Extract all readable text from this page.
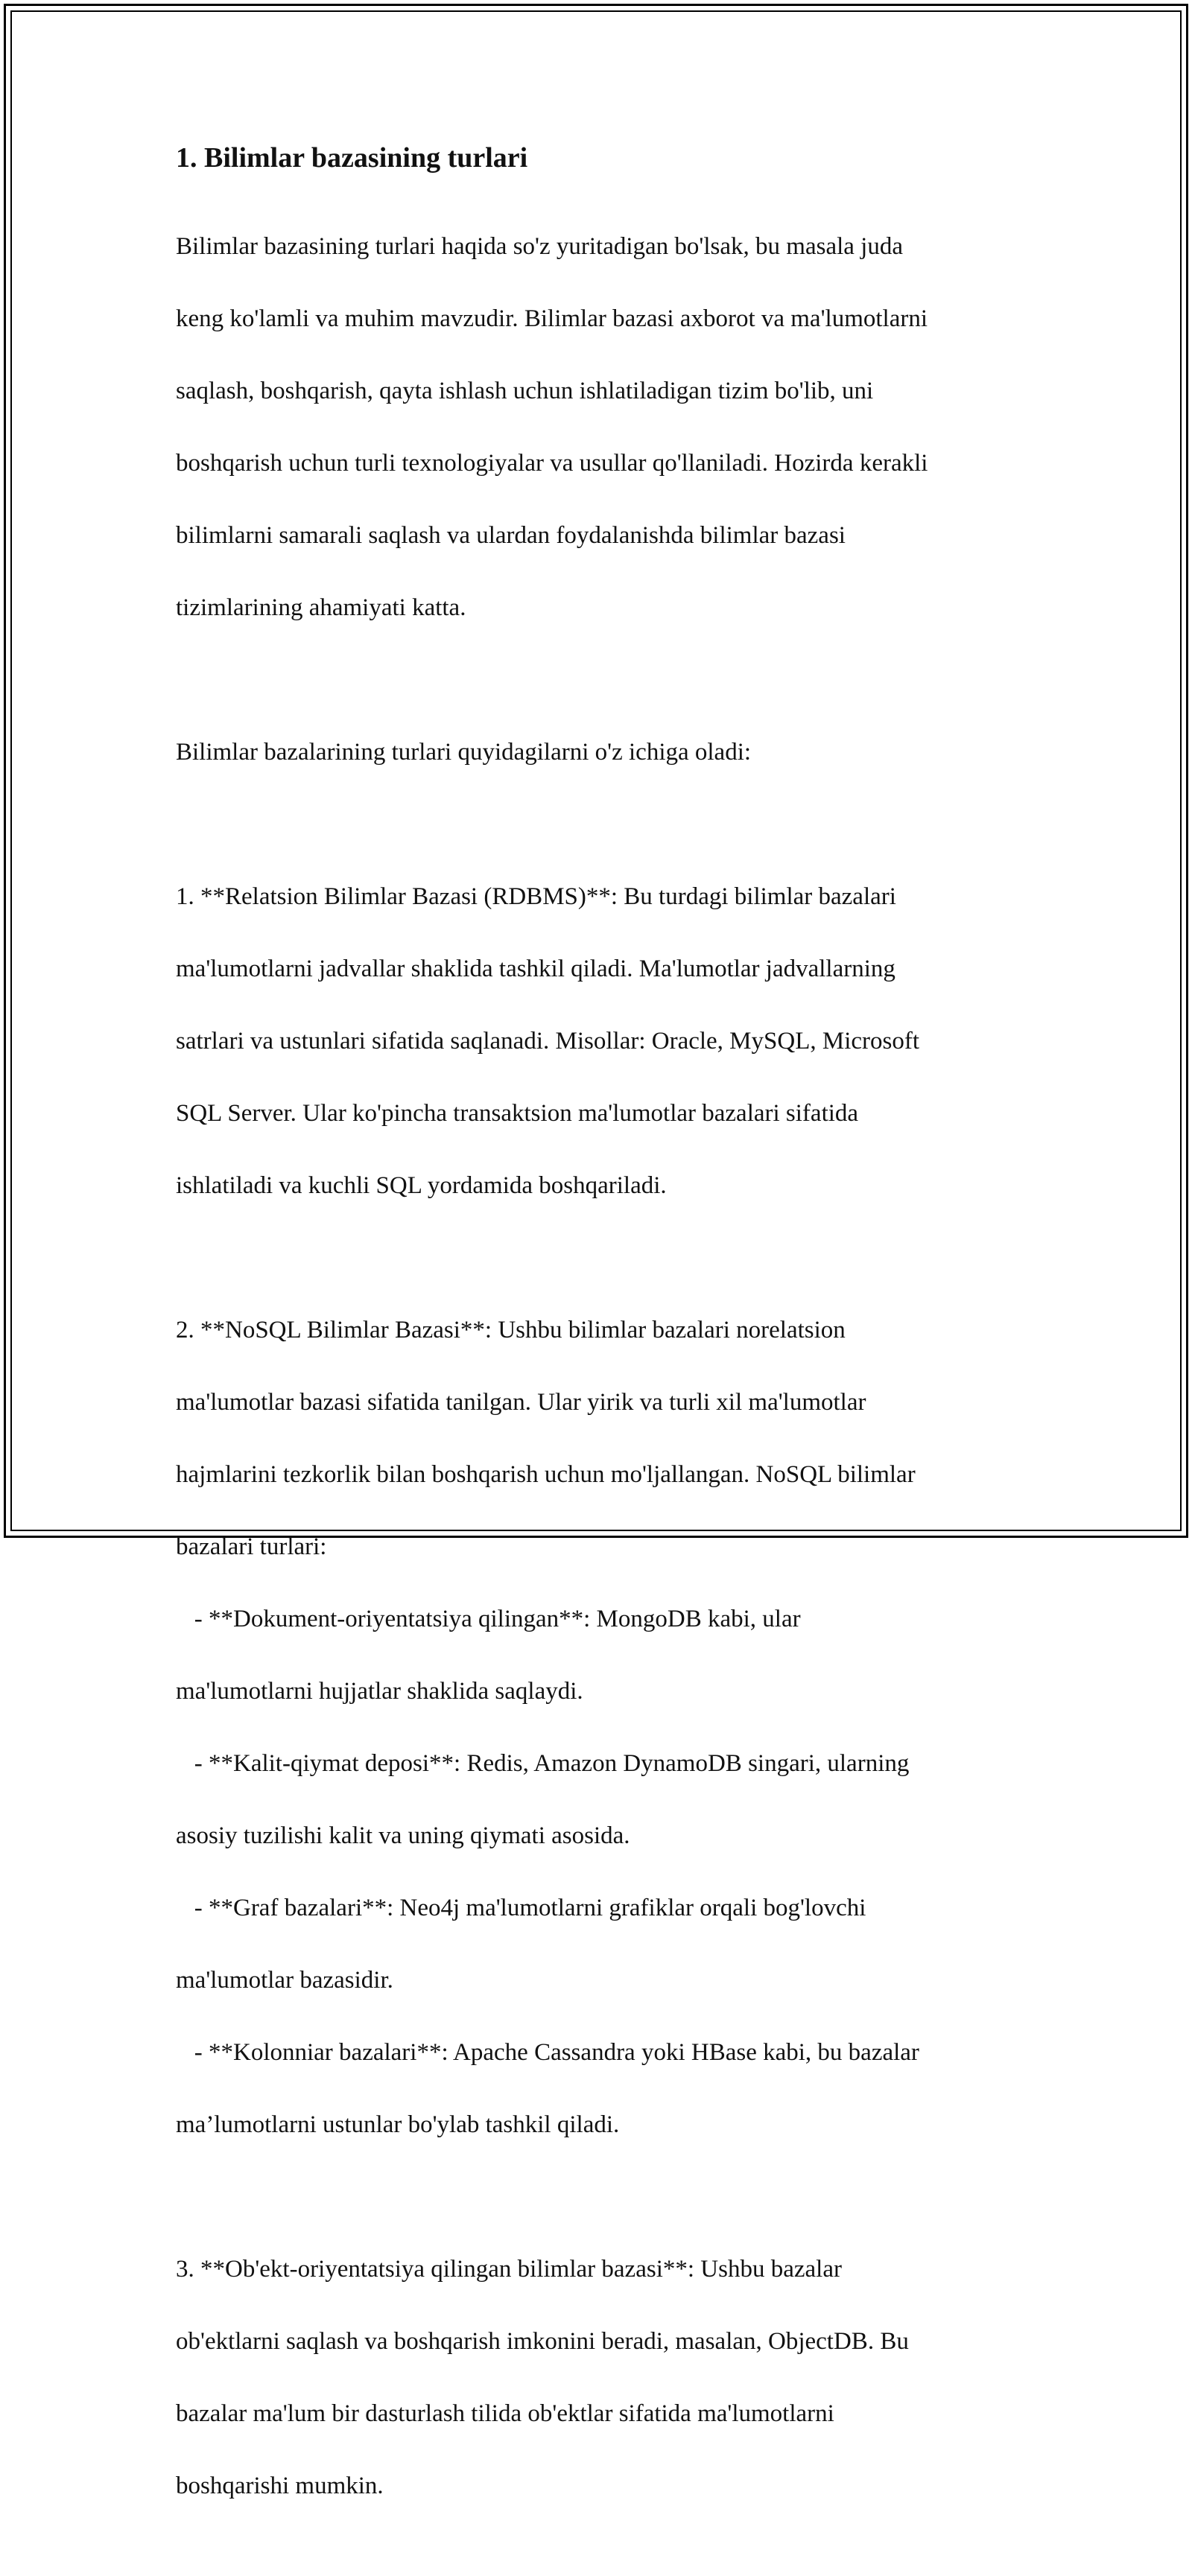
1. Bilimlar bazasining turlari

Bilimlar bazasining turlari haqida so'z yuritadigan bo'lsak, bu masala juda

keng ko'lamli va muhim mavzudir. Bilimlar bazasi axborot va ma'lumotlarni

saqlash, boshqarish, qayta ishlash uchun ishlatiladigan tizim bo'lib, uni

boshqarish uchun turli texnologiyalar va usullar qo'llaniladi. Hozirda kerakli

bilimlarni samarali saqlash va ulardan foydalanishda bilimlar bazasi

tizimlarining ahamiyati katta.

Bilimlar bazalarining turlari quyidagilarni o'z ichiga oladi:

1. **Relatsion Bilimlar Bazasi (RDBMS)**: Bu turdagi bilimlar bazalari

ma'lumotlarni jadvallar shaklida tashkil qiladi. Ma'lumotlar jadvallarning

satrlari va ustunlari sifatida saqlanadi. Misollar: Oracle, MySQL, Microsoft

SQL Server. Ular ko'pincha transaktsion ma'lumotlar bazalari sifatida

ishlatiladi va kuchli SQL yordamida boshqariladi.

2. **NoSQL Bilimlar Bazasi**: Ushbu bilimlar bazalari norelatsion

ma'lumotlar bazasi sifatida tanilgan. Ular yirik va turli xil ma'lumotlar

hajmlarini tezkorlik bilan boshqarish uchun mo'ljallangan. NoSQL bilimlar

bazalari turlari:

- **Dokument-oriyentatsiya qilingan**: MongoDB kabi, ular

ma'lumotlarni hujjatlar shaklida saqlaydi.

- **Kalit-qiymat deposi**: Redis, Amazon DynamoDB singari, ularning

asosiy tuzilishi kalit va uning qiymati asosida.

- **Graf bazalari**: Neo4j ma'lumotlarni grafiklar orqali bog'lovchi

ma'lumotlar bazasidir.

- **Kolonniar bazalari**: Apache Cassandra yoki HBase kabi, bu bazalar

ma’lumotlarni ustunlar bo'ylab tashkil qiladi.

3. **Ob'ekt-oriyentatsiya qilingan bilimlar bazasi**: Ushbu bazalar

ob'ektlarni saqlash va boshqarish imkonini beradi, masalan, ObjectDB. Bu

bazalar ma'lum bir dasturlash tilida ob'ektlar sifatida ma'lumotlarni

boshqarishi mumkin.
